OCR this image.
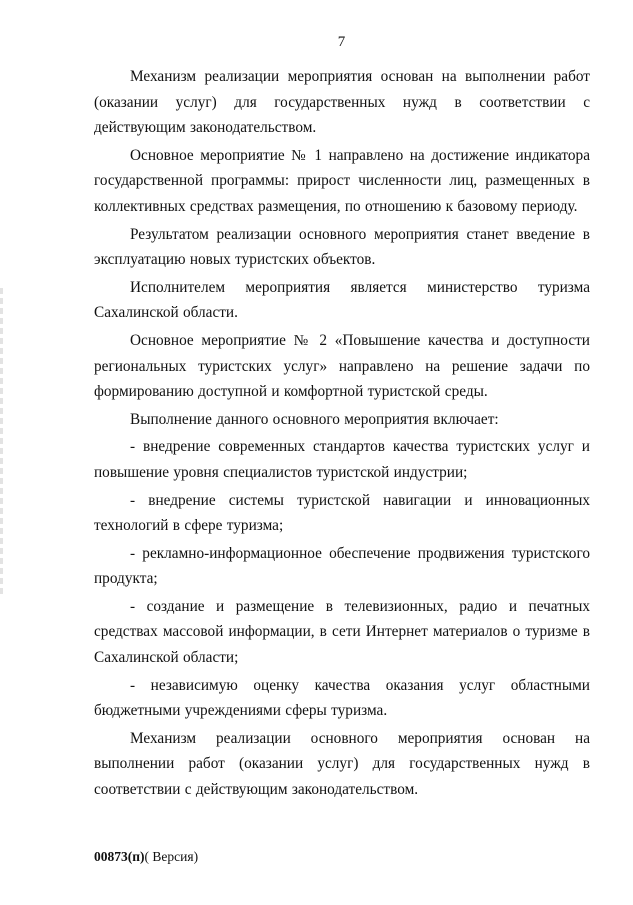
7

Механизм реализации мероприятия основан на выполнении работ (оказании услуг) для государственных нужд в соответствии с действующим законодательством.

Основное мероприятие № 1 направлено на достижение индикатора государственной программы: прирост численности лиц, размещенных в коллективных средствах размещения, по отношению к базовому периоду.

Результатом реализации основного мероприятия станет введение в эксплуатацию новых туристских объектов.

Исполнителем мероприятия является министерство туризма Сахалинской области.

Основное мероприятие № 2 «Повышение качества и доступности региональных туристских услуг» направлено на решение задачи по формированию доступной и комфортной туристской среды.

Выполнение данного основного мероприятия включает:

- внедрение современных стандартов качества туристских услуг и повышение уровня специалистов туристской индустрии;

- внедрение системы туристской навигации и инновационных технологий в сфере туризма;

- рекламно-информационное обеспечение продвижения туристского продукта;

- создание и размещение в телевизионных, радио и печатных средствах массовой информации, в сети Интернет материалов о туризме в Сахалинской области;

- независимую оценку качества оказания услуг областными бюджетными учреждениями сферы туризма.

Механизм реализации основного мероприятия основан на выполнении работ (оказании услуг) для государственных нужд в соответствии с действующим законодательством.

00873(п)( Версия)
